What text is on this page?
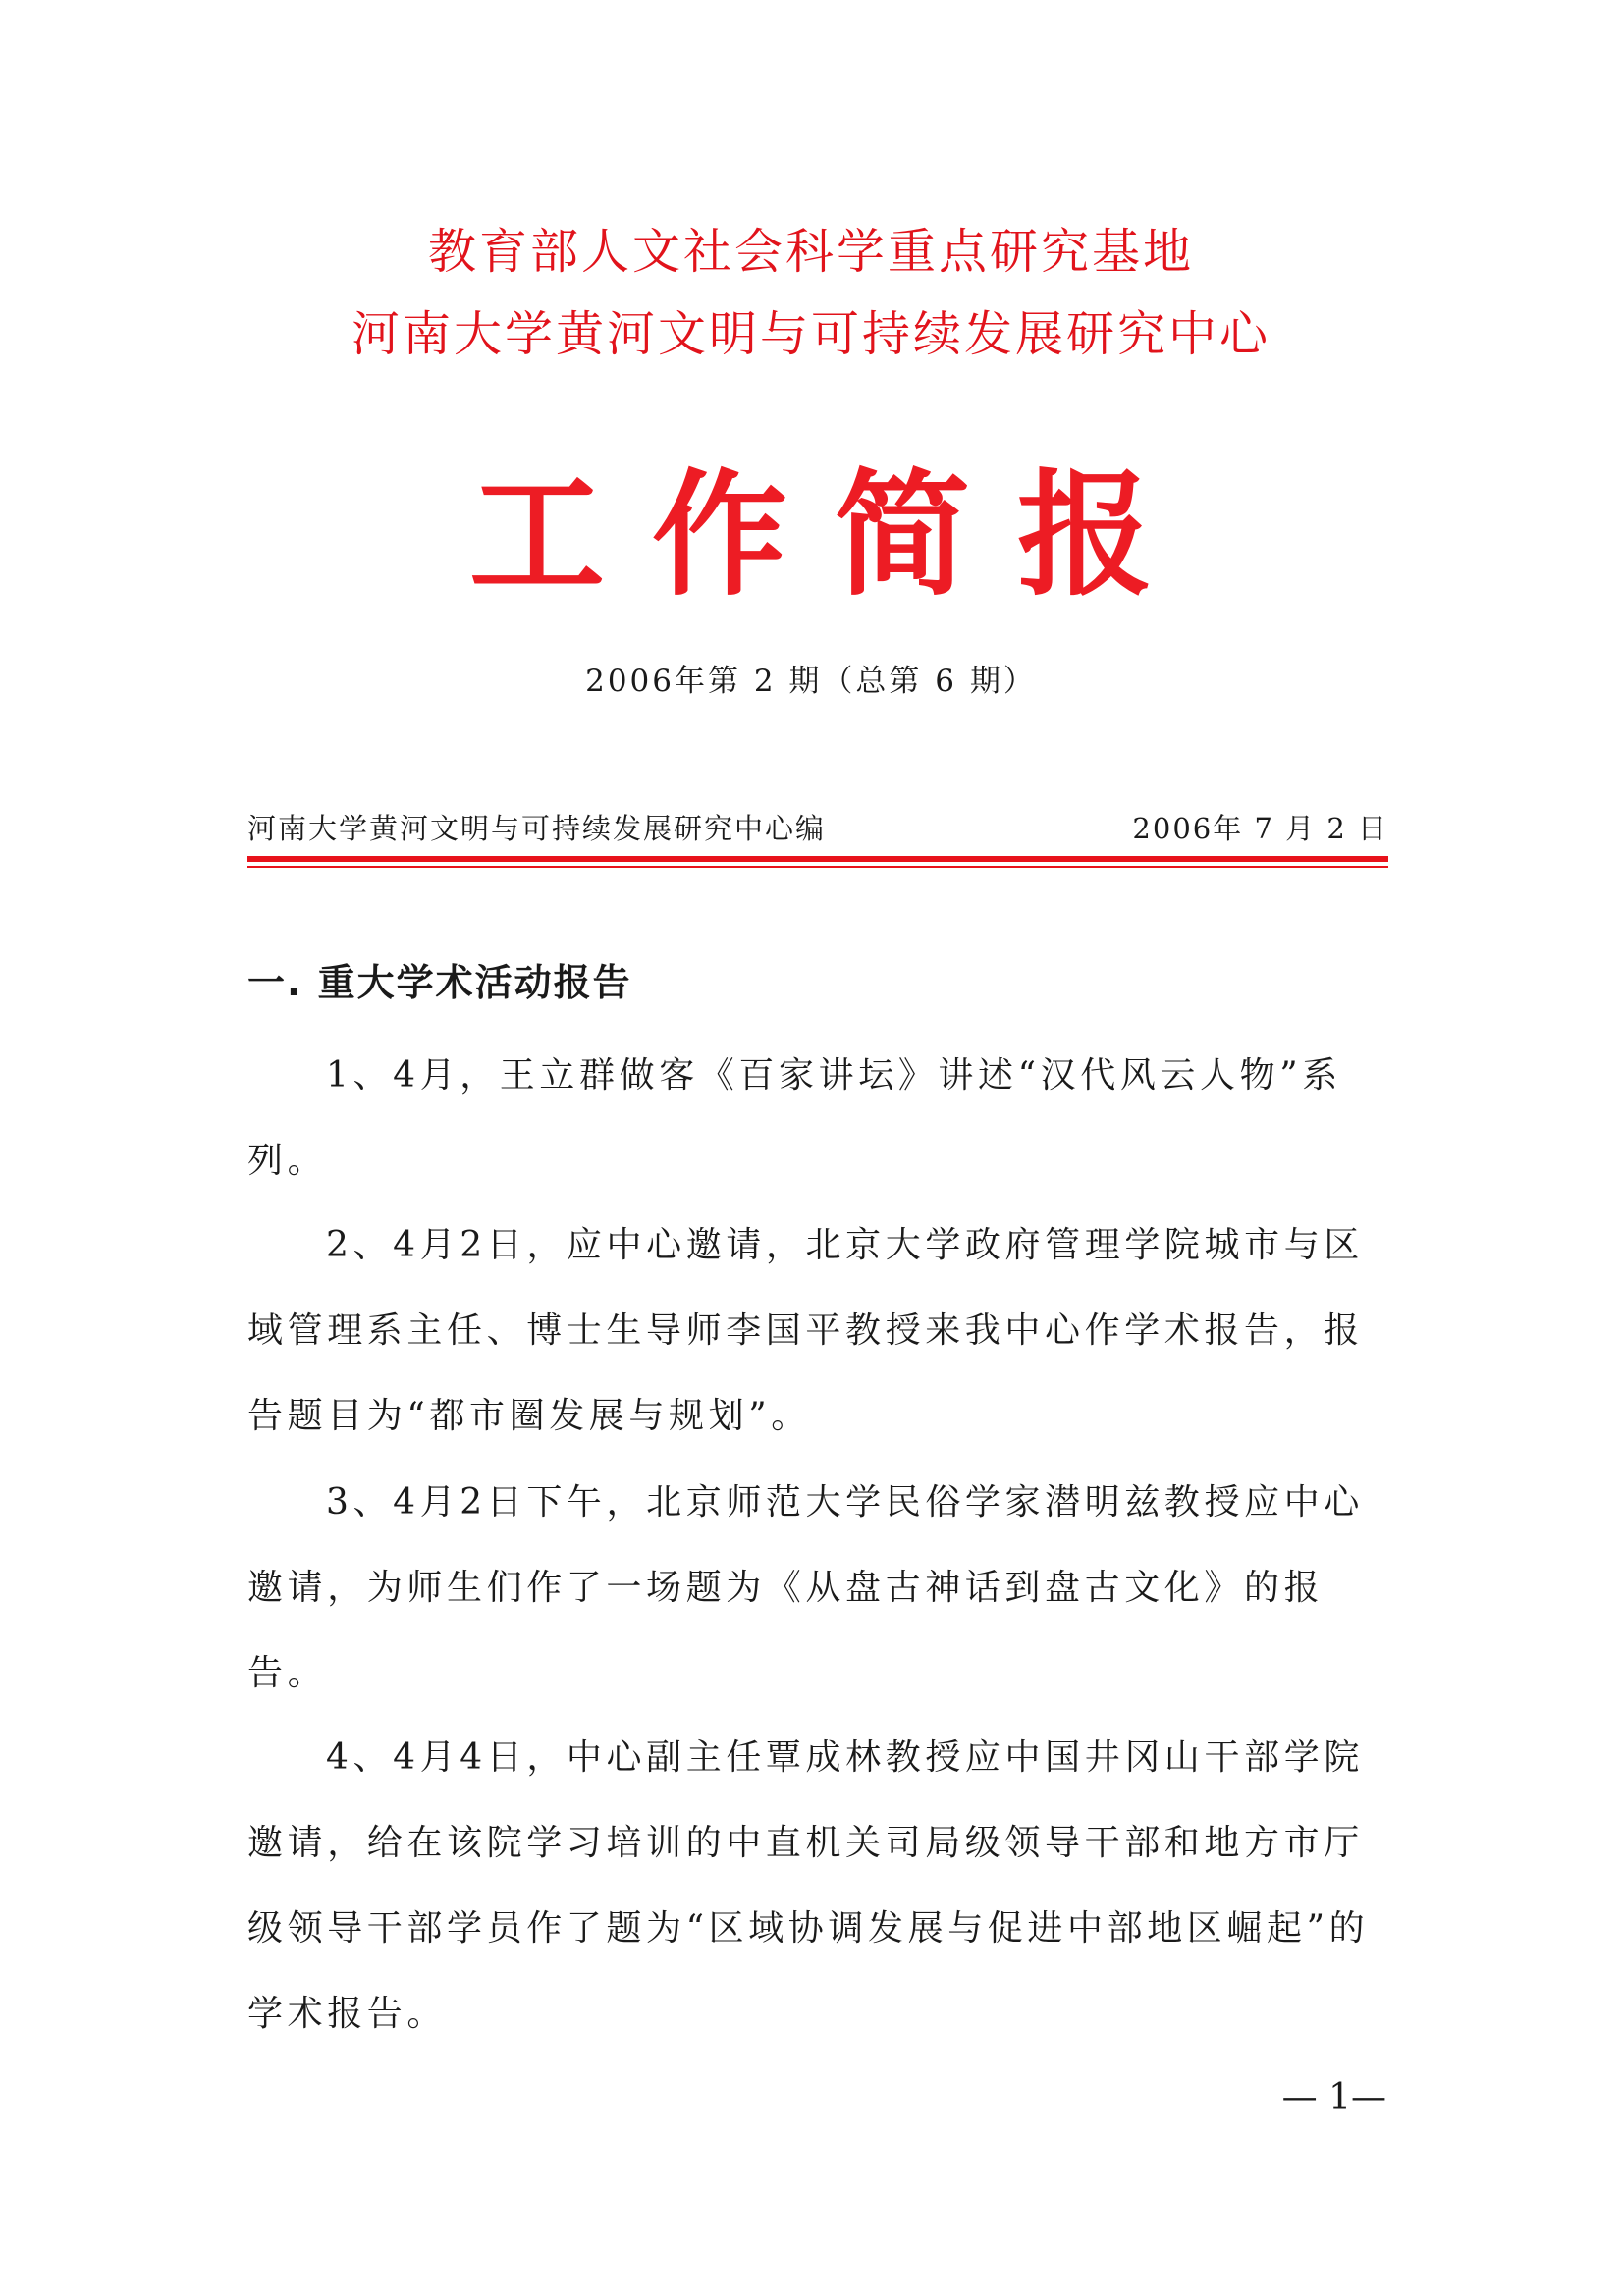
教育部人文社会科学重点研究基地
河南大学黄河文明与可持续发展研究中心
工作简报
2006年第 2 期（总第 6 期）
河南大学黄河文明与可持续发展研究中心编	2006年 7 月 2 日
一. 重大学术活动报告

1、4月，王立群做客《百家讲坛》讲述“汉代风云人物”系列。

2、4月2日，应中心邀请，北京大学政府管理学院城市与区域管理系主任、博士生导师李国平教授来我中心作学术报告，报告题目为“都市圈发展与规划”。

3、4月2日下午，北京师范大学民俗学家潜明兹教授应中心邀请，为师生们作了一场题为《从盘古神话到盘古文化》的报告。

4、4月4日，中心副主任覃成林教授应中国井冈山干部学院邀请，给在该院学习培训的中直机关司局级领导干部和地方市厅级领导干部学员作了题为“区域协调发展与促进中部地区崛起”的学术报告。

— 1—
